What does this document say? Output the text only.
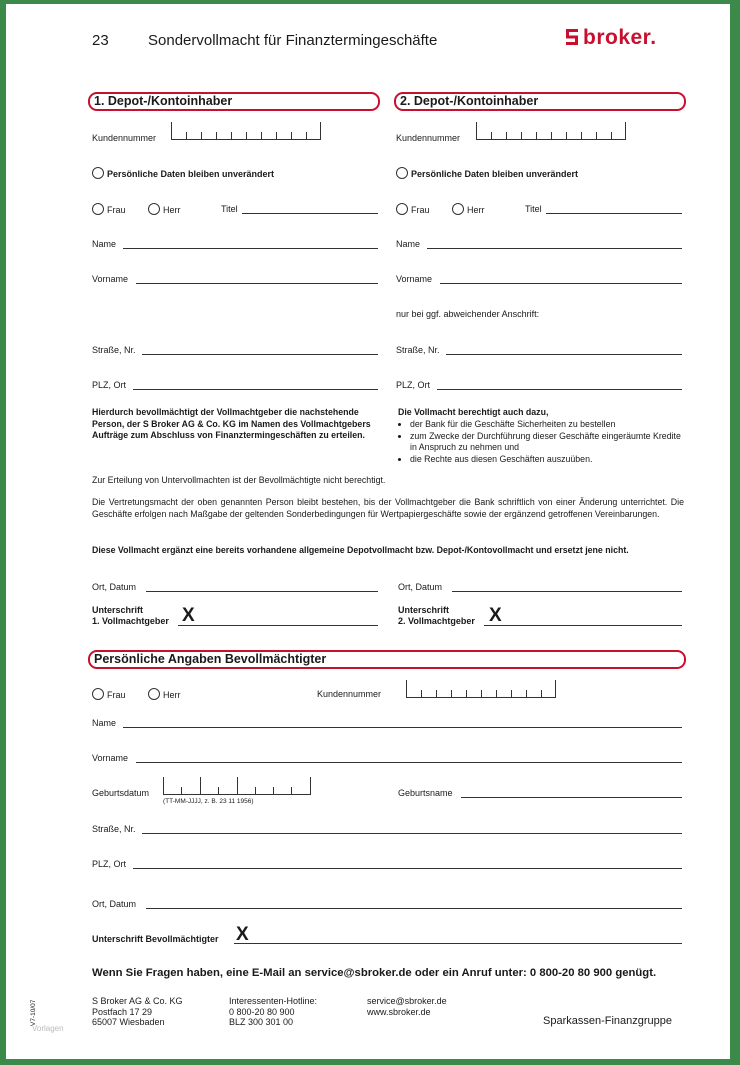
23	Sondervollmacht für Finanztermingeschäfte	broker.
1. Depot-/Kontoinhaber
Kundennummer
Persönliche Daten bleiben unverändert
Frau	Herr	Titel
Name
Vorname
Straße, Nr.
PLZ, Ort
2. Depot-/Kontoinhaber
Kundennummer
Persönliche Daten bleiben unverändert
Frau	Herr	Titel
Name
Vorname
nur bei ggf. abweichender Anschrift:
Straße, Nr.
PLZ, Ort
Hierdurch bevollmächtigt der Vollmachtgeber die nachstehende Person, der S Broker AG & Co. KG im Namen des Vollmachtgebers Aufträge zum Abschluss von Finanztermingeschäften zu erteilen.
Die Vollmacht berechtigt auch dazu,
• der Bank für die Geschäfte Sicherheiten zu bestellen
• zum Zwecke der Durchführung dieser Geschäfte eingeräumte Kredite in Anspruch zu nehmen und
• die Rechte aus diesen Geschäften auszuüben.
Zur Erteilung von Untervollmachten ist der Bevollmächtigte nicht berechtigt.
Die Vertretungsmacht der oben genannten Person bleibt bestehen, bis der Vollmachtgeber die Bank schriftlich von einer Änderung unterrichtet. Die Geschäfte erfolgen nach Maßgabe der geltenden Sonderbedingungen für Wertpapiergeschäfte sowie der ergänzend getroffenen Vereinbarungen.
Diese Vollmacht ergänzt eine bereits vorhandene allgemeine Depotvollmacht bzw. Depot-/Kontovollmacht und ersetzt jene nicht.
Ort, Datum
Unterschrift
1. Vollmachtgeber X
Ort, Datum
Unterschrift
2. Vollmachtgeber X
Persönliche Angaben Bevollmächtigter
Frau	Herr	Kundennummer
Name
Vorname
Geburtsdatum
(TT-MM-JJJJ, z. B. 23 11 1956)
Geburtsname
Straße, Nr.
PLZ, Ort
Ort, Datum
Unterschrift Bevollmächtigter X
Wenn Sie Fragen haben, eine E-Mail an service@sbroker.de oder ein Anruf unter: 0 800-20 80 900 genügt.
S Broker AG & Co. KG
Postfach 17 29
65007 Wiesbaden
Interessenten-Hotline:
0 800-20 80 900
BLZ 300 301 00
service@sbroker.de
www.sbroker.de
V7-10/07
Vorlagen
Sparkassen-Finanzgruppe
